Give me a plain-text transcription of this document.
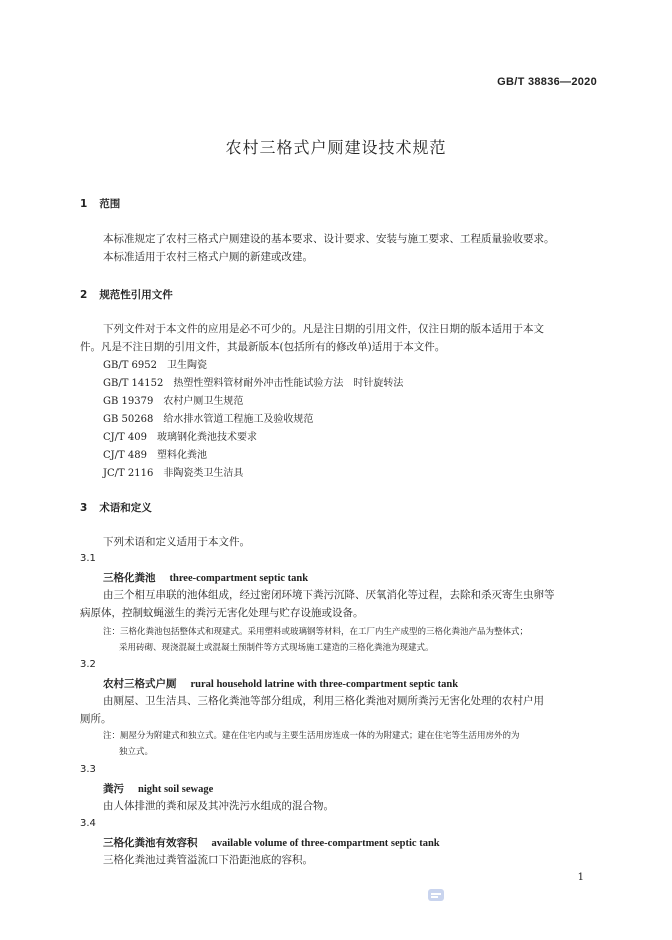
GB/T 38836—2020
农村三格式户厕建设技术规范
1 范围
本标准规定了农村三格式户厕建设的基本要求、设计要求、安装与施工要求、工程质量验收要求。
本标准适用于农村三格式户厕的新建或改建。
2 规范性引用文件
下列文件对于本文件的应用是必不可少的。凡是注日期的引用文件，仅注日期的版本适用于本文
件。凡是不注日期的引用文件，其最新版本(包括所有的修改单)适用于本文件。
GB/T 6952 卫生陶瓷
GB/T 14152 热塑性塑料管材耐外冲击性能试验方法　时针旋转法
GB 19379 农村户厕卫生规范
GB 50268 给水排水管道工程施工及验收规范
CJ/T 409 玻璃钢化粪池技术要求
CJ/T 489 塑料化粪池
JC/T 2116 非陶瓷类卫生洁具
3 术语和定义
下列术语和定义适用于本文件。
3.1
三格化粪池 three-compartment septic tank
由三个相互串联的池体组成，经过密闭环境下粪污沉降、厌氧消化等过程，去除和杀灭寄生虫卵等
病原体，控制蚊蝇滋生的粪污无害化处理与贮存设施或设备。
注：三格化粪池包括整体式和现建式。采用塑料或玻璃钢等材料，在工厂内生产成型的三格化粪池产品为整体式；
采用砖砌、现浇混凝土或混凝土预制件等方式现场施工建造的三格化粪池为现建式。
3.2
农村三格式户厕 rural household latrine with three-compartment septic tank
由厕屋、卫生洁具、三格化粪池等部分组成，利用三格化粪池对厕所粪污无害化处理的农村户用
厕所。
注：厕屋分为附建式和独立式。建在住宅内或与主要生活用房连成一体的为附建式；建在住宅等生活用房外的为
独立式。
3.3
粪污 night soil sewage
由人体排泄的粪和尿及其冲洗污水组成的混合物。
3.4
三格化粪池有效容积 available volume of three-compartment septic tank
三格化粪池过粪管溢流口下沿距池底的容积。
1
